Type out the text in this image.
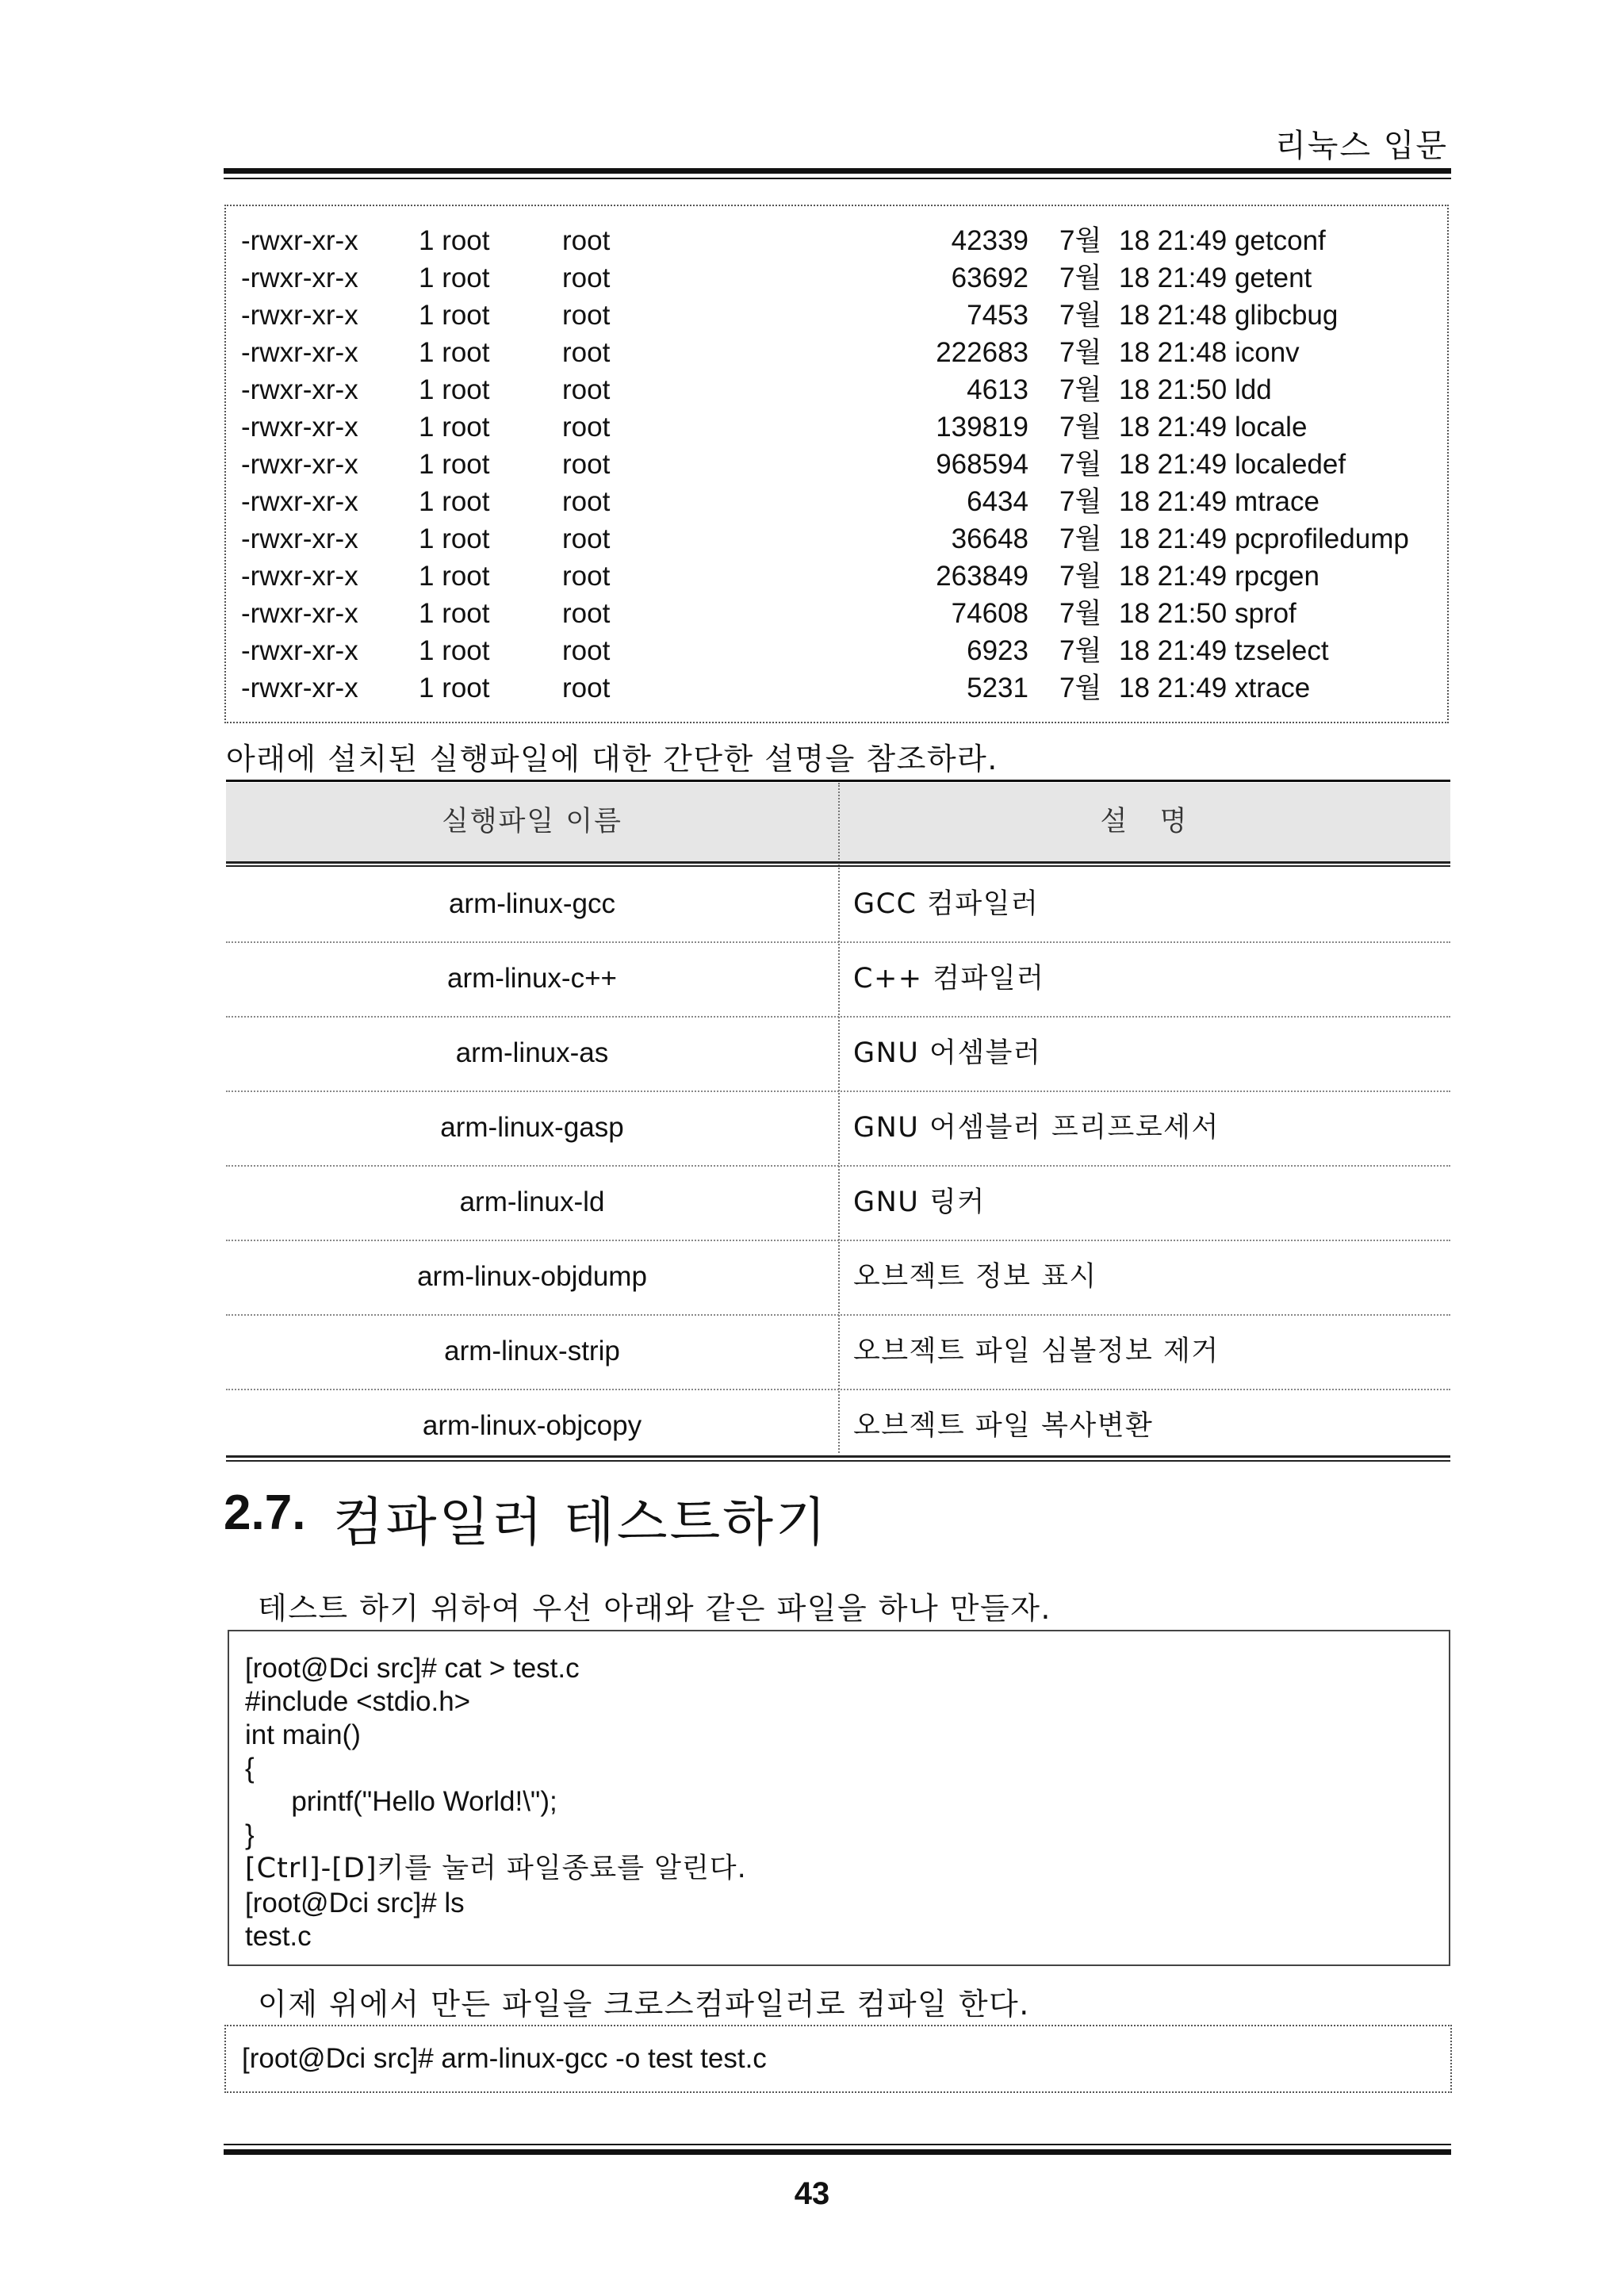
리눅스 입문
-rwxr-xr-x 1 root	root	42339 7월 18 21:49 getconf
-rwxr-xr-x 1 root	root	63692 7월 18 21:49 getent
-rwxr-xr-x 1 root	root	7453 7월 18 21:48 glibcbug
-rwxr-xr-x 1 root	root	222683 7월 18 21:48 iconv
-rwxr-xr-x 1 root	root	4613 7월 18 21:50 ldd
-rwxr-xr-x 1 root	root	139819 7월 18 21:49 locale
-rwxr-xr-x 1 root	root	968594 7월 18 21:49 localedef
-rwxr-xr-x 1 root	root	6434 7월 18 21:49 mtrace
-rwxr-xr-x 1 root	root	36648 7월 18 21:49 pcprofiledump
-rwxr-xr-x 1 root	root	263849 7월 18 21:49 rpcgen
-rwxr-xr-x 1 root	root	74608 7월 18 21:50 sprof
-rwxr-xr-x 1 root	root	6923 7월 18 21:49 tzselect
-rwxr-xr-x 1 root	root	5231 7월 18 21:49 xtrace
아래에 설치된 실행파일에 대한 간단한 설명을 참조하라.
실행파일 이름	설   명
arm-linux-gcc	GCC 컴파일러
arm-linux-c++	C++ 컴파일러
arm-linux-as	GNU 어셈블러
arm-linux-gasp	GNU 어셈블러 프리프로세서
arm-linux-ld	GNU 링커
arm-linux-objdump	오브젝트 정보 표시
arm-linux-strip	오브젝트 파일 심볼정보 제거
arm-linux-objcopy	오브젝트 파일 복사변환
2.7. 컴파일러 테스트하기
테스트 하기 위하여 우선 아래와 같은 파일을 하나 만들자.
[root@Dci src]# cat > test.c
#include <stdio.h>
int main()
{
printf("Hello World!\");
}
[Ctrl]-[D]키를 눌러 파일종료를 알린다.
[root@Dci src]# ls
test.c
이제 위에서 만든 파일을 크로스컴파일러로 컴파일 한다.
[root@Dci src]# arm-linux-gcc -o test test.c
43
